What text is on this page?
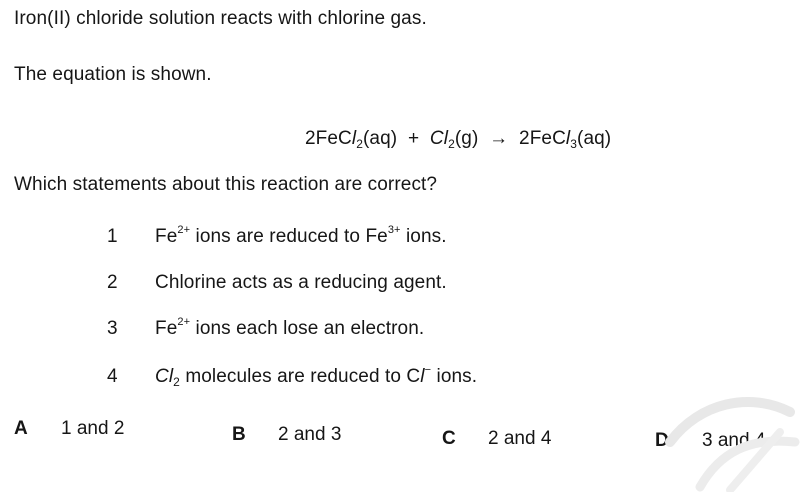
Iron(II) chloride solution reacts with chlorine gas.
The equation is shown.
2FeCl$_2$(aq) + $Cl_2(g)$ → 2FeCl$_3$(aq)
Which statements about this reaction are correct?
1 $Fe^{2+}$ ions are reduced to $Fe^{3+}$ ions.
2 Chlorine acts as a reducing agent.
3 $Fe^{2+}$ ions each lose an electron.
4 $Cl_2$ molecules are reduced to Cl− ions.
A 1 and 2	B 2 and 3	C 2 and 4	D 3 and 4
